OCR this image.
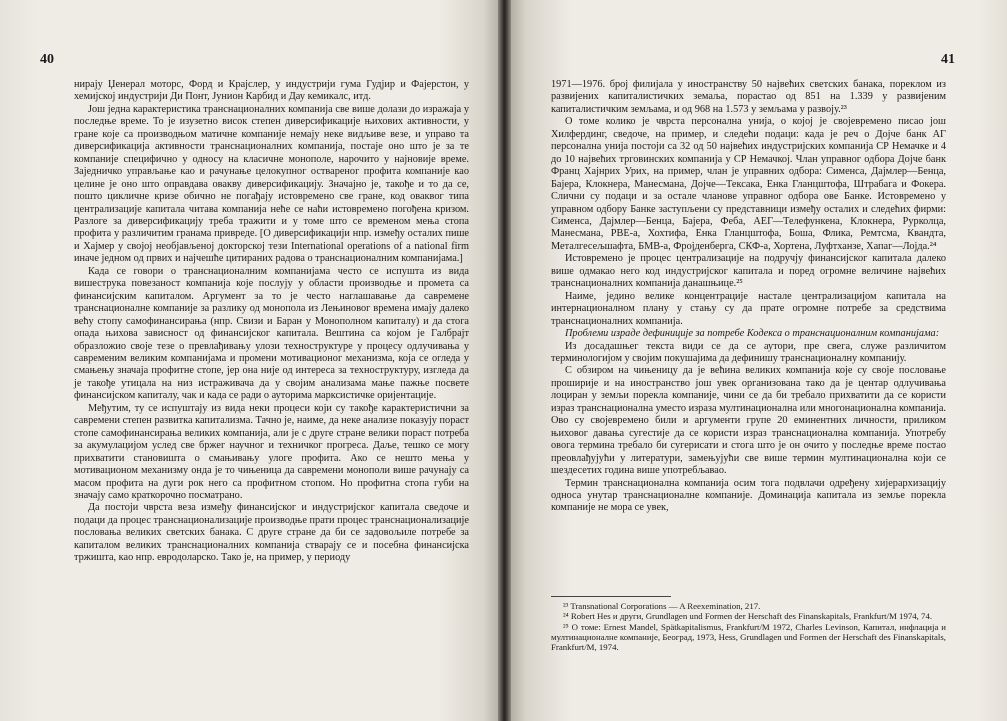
40

нирају Џенерал моторс, Форд и Крајслер, у индустрији гума Гудјир и Фајерстон, у хемијској индустрији Ди Понт, Јунион Карбид и Дау кемикалс, итд.

Још једна карактеристика транснационалних компанија све више долази до изражаја у последње време. То је изузетно висок степен диверсификације њихових активности, у гране које са производњом матичне компаније немају неке видљиве везе, и управо та диверсификација активности транснационалних компанија, постаје оно што је за те компаније специфично у односу на класичне монополе, нарочито у најновије време. Заједничко управљање као и рачунање целокупног оствареног профита компаније као целине је оно што оправдава овакву диверсификацију. Значајно је, такође и то да се, пошто цикличне кризе обично не погађају истовремено све гране, код оваквог типа централизације капитала читава компанија неће се наћи истовремено погођена кризом. Разлоге за диверсификацију треба тражити и у томе што се временом мења стопа профита у различитим гранама привреде. [О диверсификацији нпр. између осталих пише и Хајмер у својој необјављеној докторској тези International operations of a national firm иначе једном од првих и најчешће цитираних радова о транснационалним компанијама.]

Када се говори о транснационалним компанијама често се испушта из вида вишеструка повезаност компанија које послују у области производње и промета са финансијским капиталом. Аргумент за то је често наглашавање да савремене транснационалне компаније за разлику од монопола из Лењиновог времена имају далеко већу стопу самофинансирања (нпр. Свизи и Баран у Монополном капиталу) и да стога опада њихова зависност од финансијског капитала. Вештина са којом је Галбрајт образложио своје тезе о превлађивању улози техноструктуре у процесу одлучивања у савременим великим компанијама и промени мотивационог механизма, која се огледа у смањењу значаја профитне стопе, јер она није од интереса за техноструктуру, изгледа да је такође утицала на низ истраживача да у својим анализама мање пажње посвете финансијском капиталу, чак и када се ради о ауторима марксистичке оријентације.

Међутим, ту се испуштају из вида неки процеси који су такође карактеристични за савремени степен развитка капитализма. Тачно је, наиме, да неке анализе показују пораст стопе самофинансирања великих компанија, али је с друге стране велики пораст потреба за акумулацијом услед све бржег научног и техничког прогреса. Даље, тешко се могу прихватити становишта о смањивању улоге профита. Ако се нешто мења у мотивационом механизму онда је то чињеница да савремени монополи више рачунају са масом профита на дуги рок него са профитном стопом. Но профитна стопа губи на значају само краткорочно посматрано.

Да постоји чврста веза између финансијског и индустријског капитала сведоче и подаци да процес транснационализације производње прати процес транснационализације пословања великих светских банака. С друге стране да би се задовољиле потребе за капиталом великих транснационалних компанија стварају се и посебна финансијска тржишта, као нпр. евродоларско. Тако је, на пример, у периоду

41

1971—1976. број филијала у иностранству 50 највећих светских банака, пореклом из развијених капиталистичких земаља, порастао од 851 на 1.339 у развијеним капиталистичким земљама, и од 968 на 1.573 у земљама у развоју.²³

О томе колико је чврста персонална унија, о којој је својевремено писао још Хилфердинг, сведоче, на пример, и следећи подаци: када је реч о Дојче банк АГ персонална унија постоји са 32 од 50 највећих индустријских компанија СР Немачке и 4 до 10 највећих трговинских компанија у СР Немачкој. Члан управног одбора Дојче банк Франц Хајнрих Урих, на пример, члан је управних одбора: Сименса, Дајмлер—Бенца, Бајера, Клокнера, Манесмана, Дојче—Тексака, Енка Гланцштофа, Штрабага и Фокера. Слични су подаци и за остале чланове управног одбора ове Банке. Истовремено у управном одбору Банке заступљени су представници између осталих и следећих фирми: Сименса, Дајмлер—Бенца, Бајера, Феба, АЕГ—Телефункена, Клокнера, Рурколца, Манесмана, РВЕ-а, Хохтифа, Енка Гланцштофа, Боша, Флика, Ремтсма, Квандта, Металгесељшафта, БМВ-а, Фројденберга, СКФ-а, Хортена, Луфтханзе, Хапаг—Лојда.²⁴

Истовремено је процес централизације на подручју финансијског капитала далеко више одмакао него код индустријског капитала и поред огромне величине највећих транснационалних компанија данашњице.²⁵

Наиме, једино велике концентрације настале централизацијом капитала на интернационалном плану у стању су да прате огромне потребе за средствима транснационалних компанија.

Проблеми израде дефиниције за потребе Кодекса о транснационалним компанијама:

Из досадашњег текста види се да се аутори, пре свега, служе различитом терминологијом у својим покушајима да дефинишу транснационалну компанију.

С обзиром на чињеницу да је већина великих компанија које су своје пословање проширије и на иностранство још увек организована тако да је центар одлучивања лоциран у земљи порекла компаније, чини се да би требало прихватити да се користи израз транснационална уместо израза мултинационална или многонационална компанија. Ово су својевремено били и аргументи групе 20 еминентних личности, приликом њиховог давања сугестије да се користи израз транснационална компанија. Употребу овога термина требало би сугерисати и стога што је он очито у последње време постао преовлађујући у литератури, замењујући све више термин мултинационална који се шездесетих година више употребљавао.

Термин транснационална компанија осим тога подвлачи одређену хијерархизацију односа унутар транснационалне компаније. Доминација капитала из земље порекла компаније не мора се увек,

²³ Transnational Corporations — A Reexemination, 217.

²⁴ Robert Hes и други, Grundlagen und Formen der Herschaft des Finanskapitals, Frankfurt/M 1974, 74.

²⁵ О томе: Ernest Mandel, Spätkapitalismus, Frankfurt/M 1972, Charles Levinson, Капитал, инфлација и мултинационалне компаније, Београд, 1973, Hess, Grundlagen und Formen der Herschaft des Finanskapitals, Frankfurt/M, 1974.
